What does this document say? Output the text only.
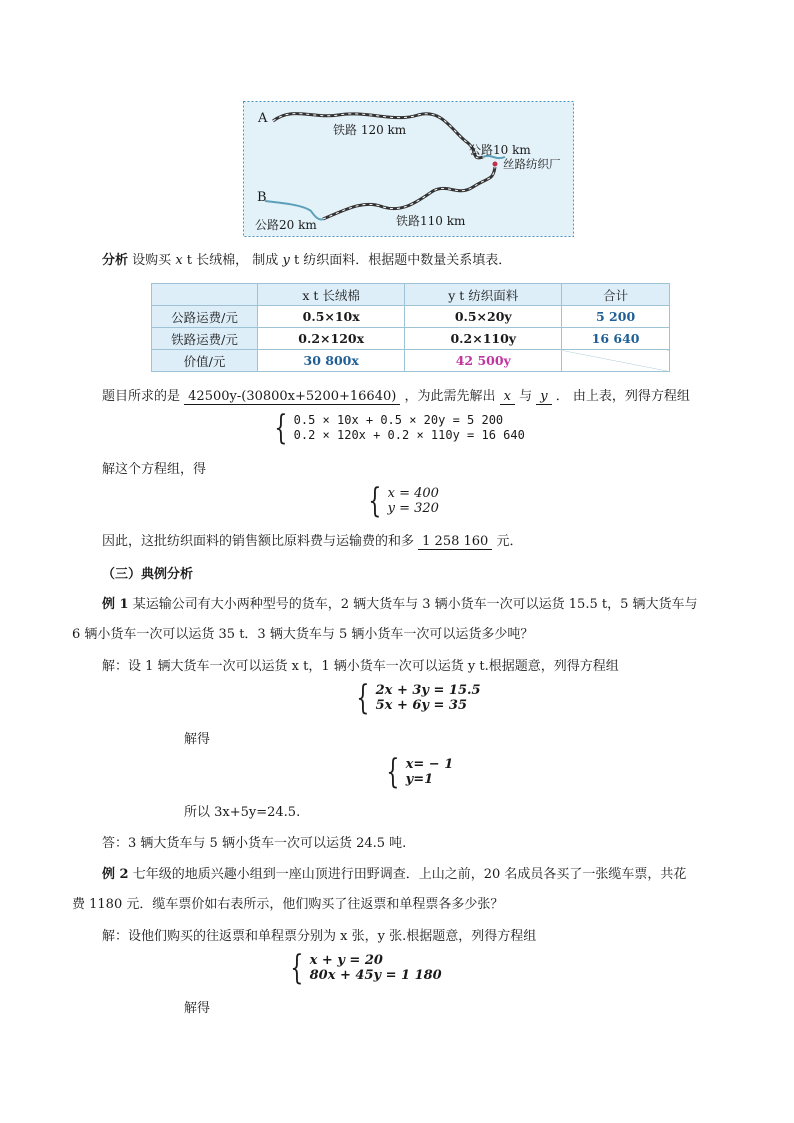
A
铁路 120 km
公路10 km
丝路纺织厂
B
公路20 km	铁路110 km
分析 设购买 x t 长绒棉， 制成 y t 纺织面料．根据题中数量关系填表．
	x t 长绒棉	y t 纺织面料	合计
公路运费/元	0.5×10x	0.5×20y	5 200
铁路运费/元	0.2×120x	0.2×110y	16 640
价值/元	30 800x	42 500y	
题目所求的是 42500y-(30800x+5200+16640) ，为此需先解出 x 与 y ． 由上表，列得方程组
{ 0.5 × 10x + 0.5 × 20y = 5 200
0.2 × 120x + 0.2 × 110y = 16 640
解这个方程组，得
{ x = 400
y = 320
因此，这批纺织面料的销售额比原料费与运输费的和多 1 258 160 元．
（三）典例分析
例 1 某运输公司有大小两种型号的货车，2 辆大货车与 3 辆小货车一次可以运货 15.5 t，5 辆大货车与
6 辆小货车一次可以运货 35 t．3 辆大货车与 5 辆小货车一次可以运货多少吨？
解：设 1 辆大货车一次可以运货 x t，1 辆小货车一次可以运货 y t.根据题意，列得方程组
{ 2x + 3y = 15.5
5x + 6y = 35
解得
{ x= − 1
y=1
所以 3x+5y=24.5.
答：3 辆大货车与 5 辆小货车一次可以运货 24.5 吨.
例 2 七年级的地质兴趣小组到一座山顶进行田野调查．上山之前，20 名成员各买了一张缆车票，共花
费 1180 元．缆车票价如右表所示，他们购买了往返票和单程票各多少张？
解：设他们购买的往返票和单程票分别为 x 张，y 张.根据题意，列得方程组
{ x + y = 20
80x + 45y = 1 180
解得
